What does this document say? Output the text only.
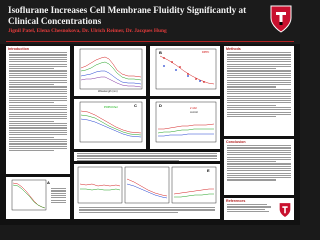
Isoflurane Increases Cell Membrane Fluidity Significantly at Clinical Concentrations
Jignil Patel, Elena Chesnokova, Dr. Ulrich Reimer, Dr. Jacques Hung
Introduction
A
Wavelength (nm)
B	DPPC
C
POPC/Chol	D
2 mM
control
E
Methods
Conclusion
References
